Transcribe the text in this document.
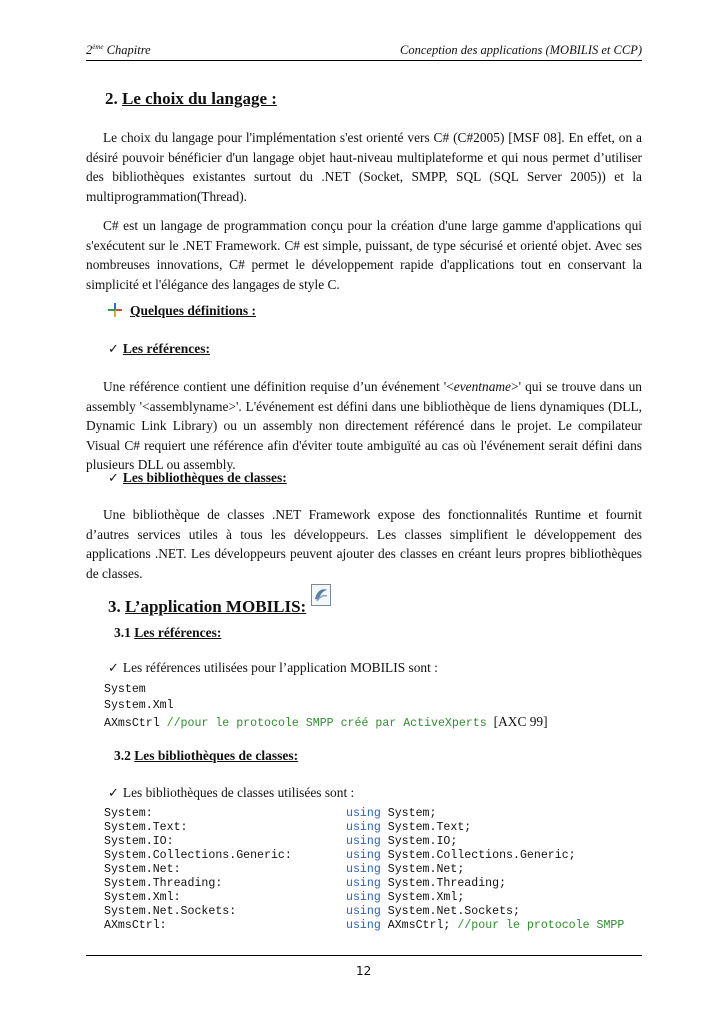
2ème Chapitre	Conception des applications (MOBILIS et CCP)
2. Le choix du langage :
Le choix du langage pour l'implémentation s'est orienté vers C# (C#2005) [MSF 08]. En effet, on a
désiré pouvoir bénéficier d'un langage objet haut-niveau multiplateforme et qui nous permet d’utiliser
des bibliothèques existantes surtout du .NET (Socket, SMPP, SQL (SQL Server 2005)) et la
multiprogrammation(Thread).
C# est un langage de programmation conçu pour la création d'une large gamme d'applications qui
s'exécutent sur le .NET Framework. C# est simple, puissant, de type sécurisé et orienté objet. Avec ses
nombreuses innovations, C# permet le développement rapide d'applications tout en conservant la
simplicité et l'élégance des langages de style C.
Quelques définitions :
✓ Les références:
Une référence contient une définition requise d’un événement '<eventname>' qui se trouve dans un
assembly '<assemblyname>'. L'événement est défini dans une bibliothèque de liens dynamiques (DLL,
Dynamic Link Library) ou un assembly non directement référencé dans le projet. Le compilateur
Visual C# requiert une référence afin d'éviter toute ambiguïté au cas où l'événement serait défini dans
plusieurs DLL ou assembly.
✓ Les bibliothèques de classes:
Une bibliothèque de classes .NET Framework expose des fonctionnalités Runtime et fournit
d’autres services utiles à tous les développeurs. Les classes simplifient le développement des
applications .NET. Les développeurs peuvent ajouter des classes en créant leurs propres bibliothèques
de classes.
3. L’application MOBILIS:
3.1 Les références:
✓ Les références utilisées pour l’application MOBILIS sont :
System
System.Xml
AXmsCtrl //pour le protocole SMPP créé par ActiveXperts [AXC 99]
3.2 Les bibliothèques de classes:
✓ Les bibliothèques de classes utilisées sont :
System:	using System;
System.Text:	using System.Text;
System.IO:	using System.IO;
System.Collections.Generic:	using System.Collections.Generic;
System.Net:	using System.Net;
System.Threading:	using System.Threading;
System.Xml:	using System.Xml;
System.Net.Sockets:	using System.Net.Sockets;
AXmsCtrl:	using AXmsCtrl; //pour le protocole SMPP
12
